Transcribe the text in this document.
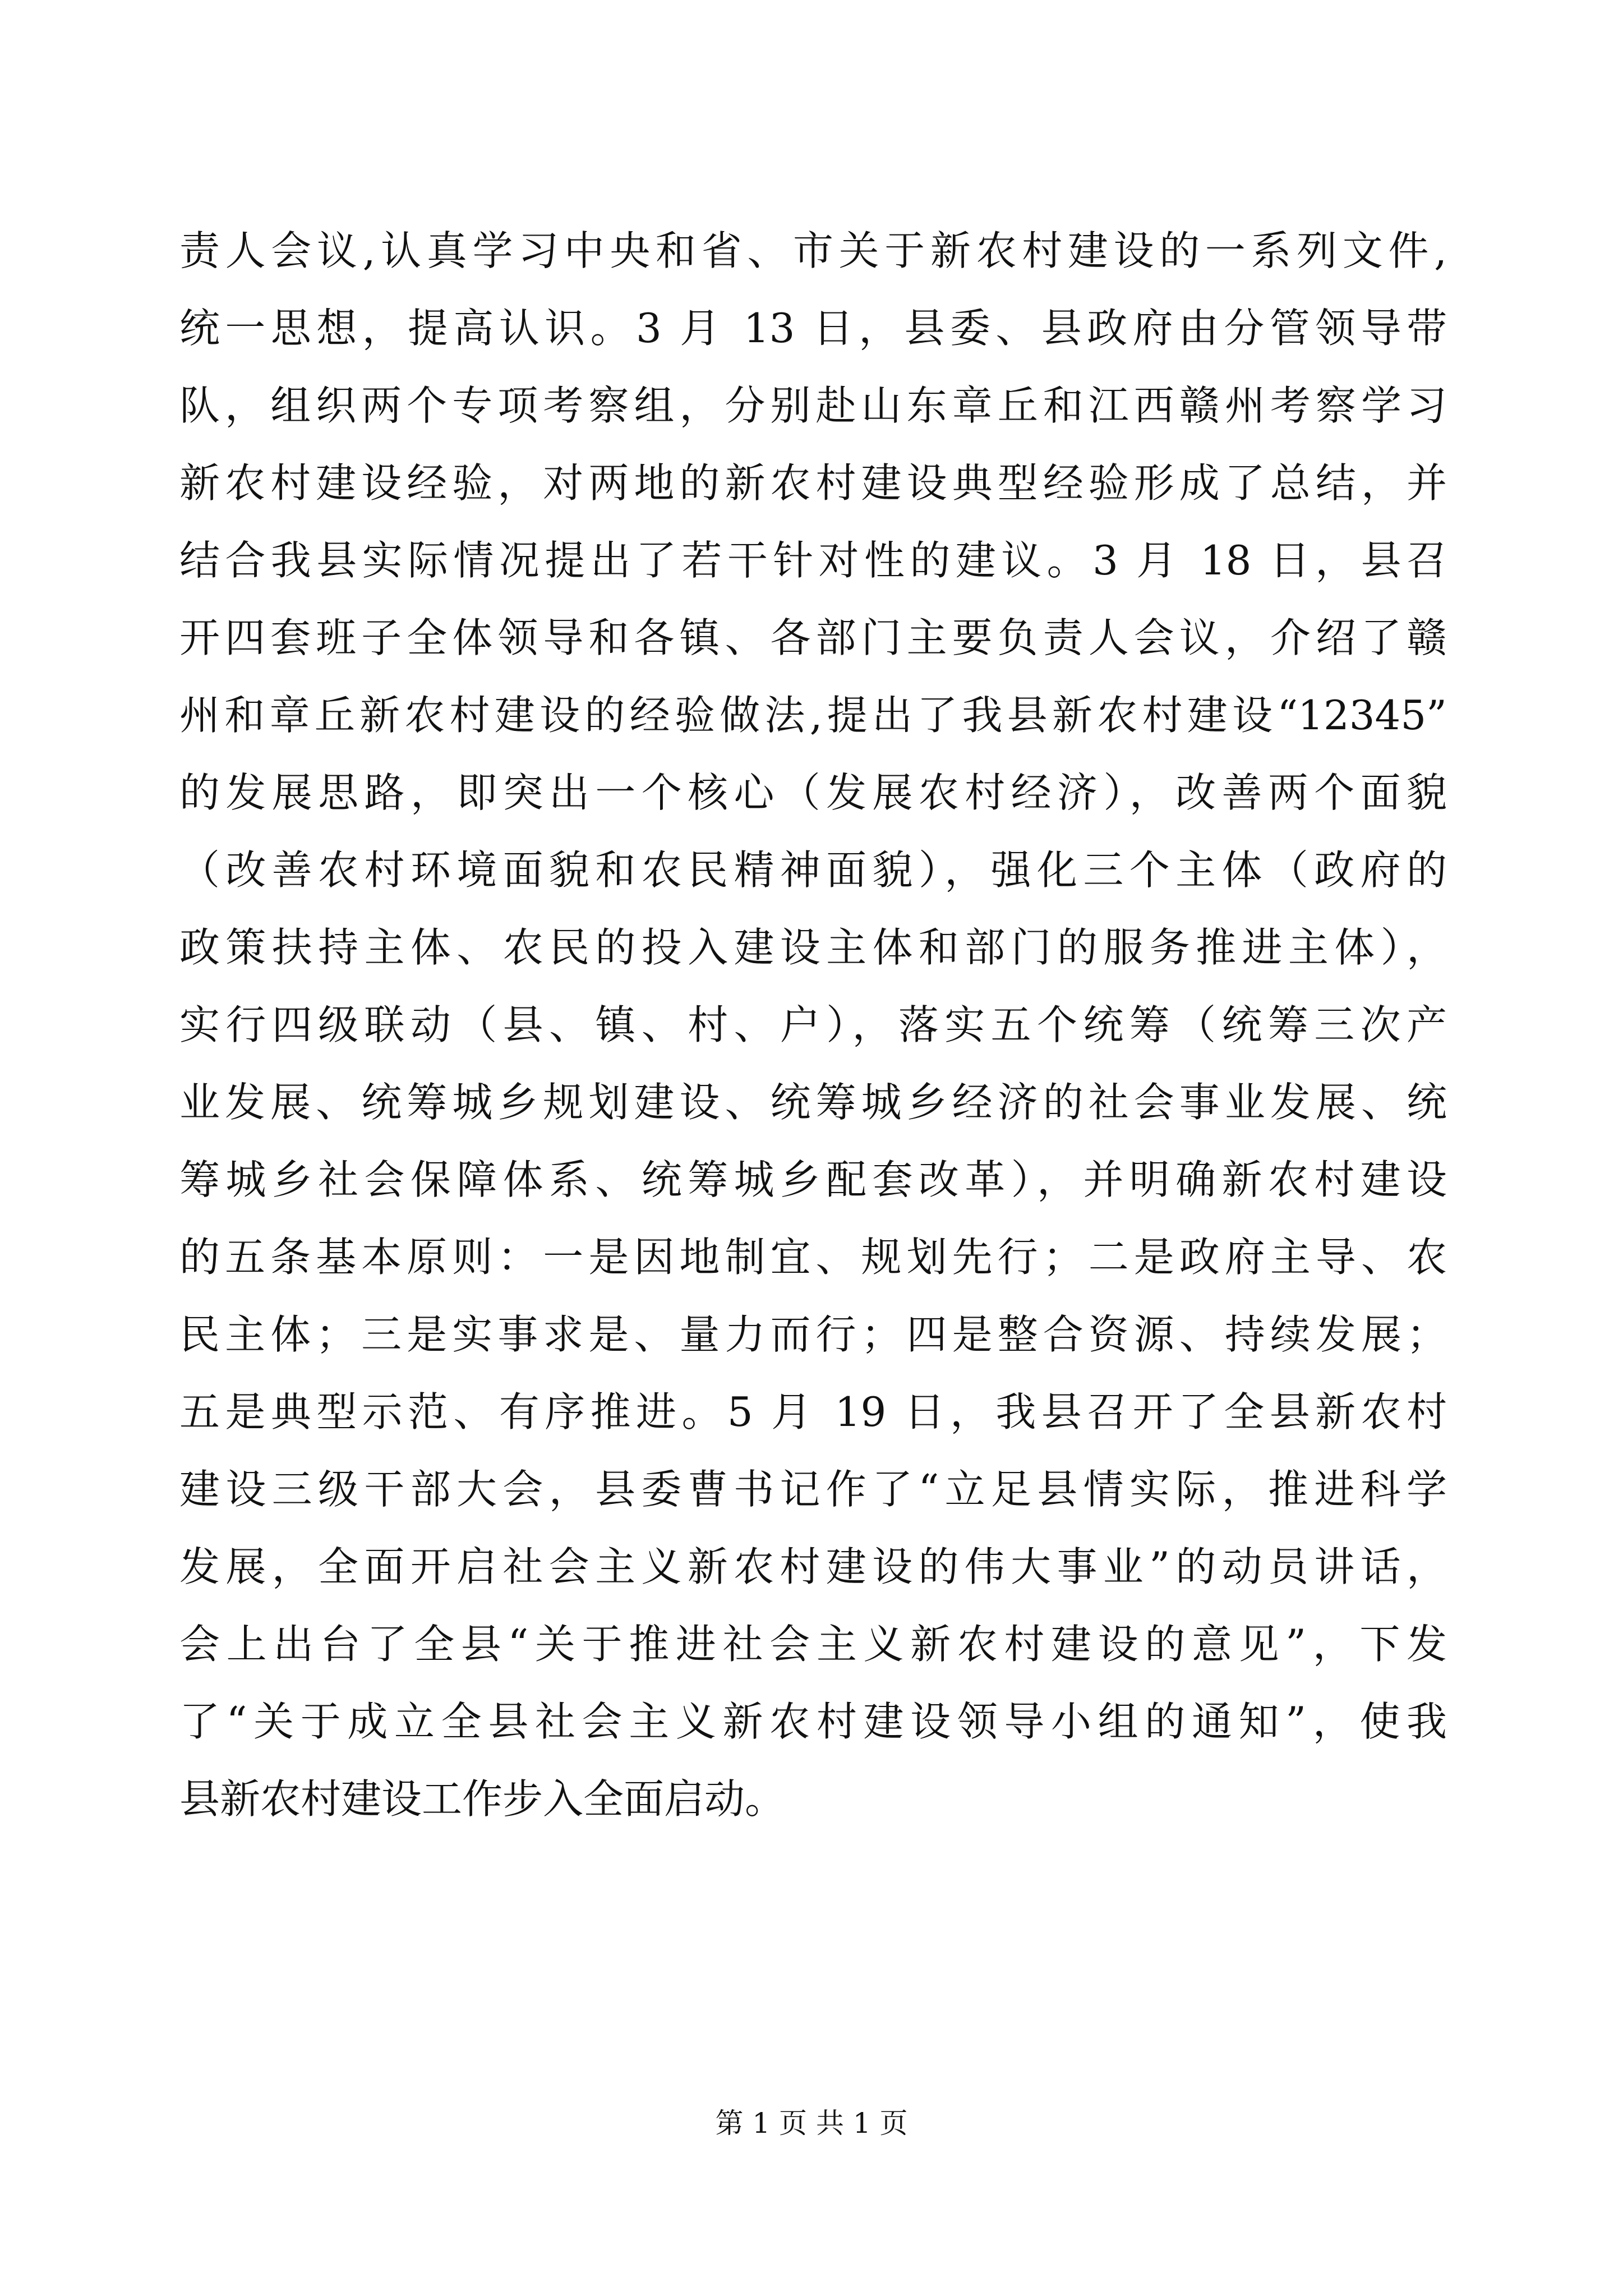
责人会议,认真学习中央和省、市关于新农村建设的一系列文件,
统一思想，提高认识。3 月 13 日，县委、县政府由分管领导带
队，组织两个专项考察组，分别赴山东章丘和江西赣州考察学习
新农村建设经验，对两地的新农村建设典型经验形成了总结，并
结合我县实际情况提出了若干针对性的建议。3 月 18 日，县召
开四套班子全体领导和各镇、各部门主要负责人会议，介绍了赣
州和章丘新农村建设的经验做法,提出了我县新农村建设“12345”
的发展思路，即突出一个核心（发展农村经济），改善两个面貌
（改善农村环境面貌和农民精神面貌），强化三个主体（政府的
政策扶持主体、农民的投入建设主体和部门的服务推进主体），
实行四级联动（县、镇、村、户），落实五个统筹（统筹三次产
业发展、统筹城乡规划建设、统筹城乡经济的社会事业发展、统
筹城乡社会保障体系、统筹城乡配套改革），并明确新农村建设
的五条基本原则：一是因地制宜、规划先行；二是政府主导、农
民主体；三是实事求是、量力而行；四是整合资源、持续发展；
五是典型示范、有序推进。5 月 19 日，我县召开了全县新农村
建设三级干部大会，县委曹书记作了“立足县情实际，推进科学
发展，全面开启社会主义新农村建设的伟大事业”的动员讲话，
会上出台了全县“关于推进社会主义新农村建设的意见”，下发
了“关于成立全县社会主义新农村建设领导小组的通知”，使我
县新农村建设工作步入全面启动。
第 1 页 共 1 页
